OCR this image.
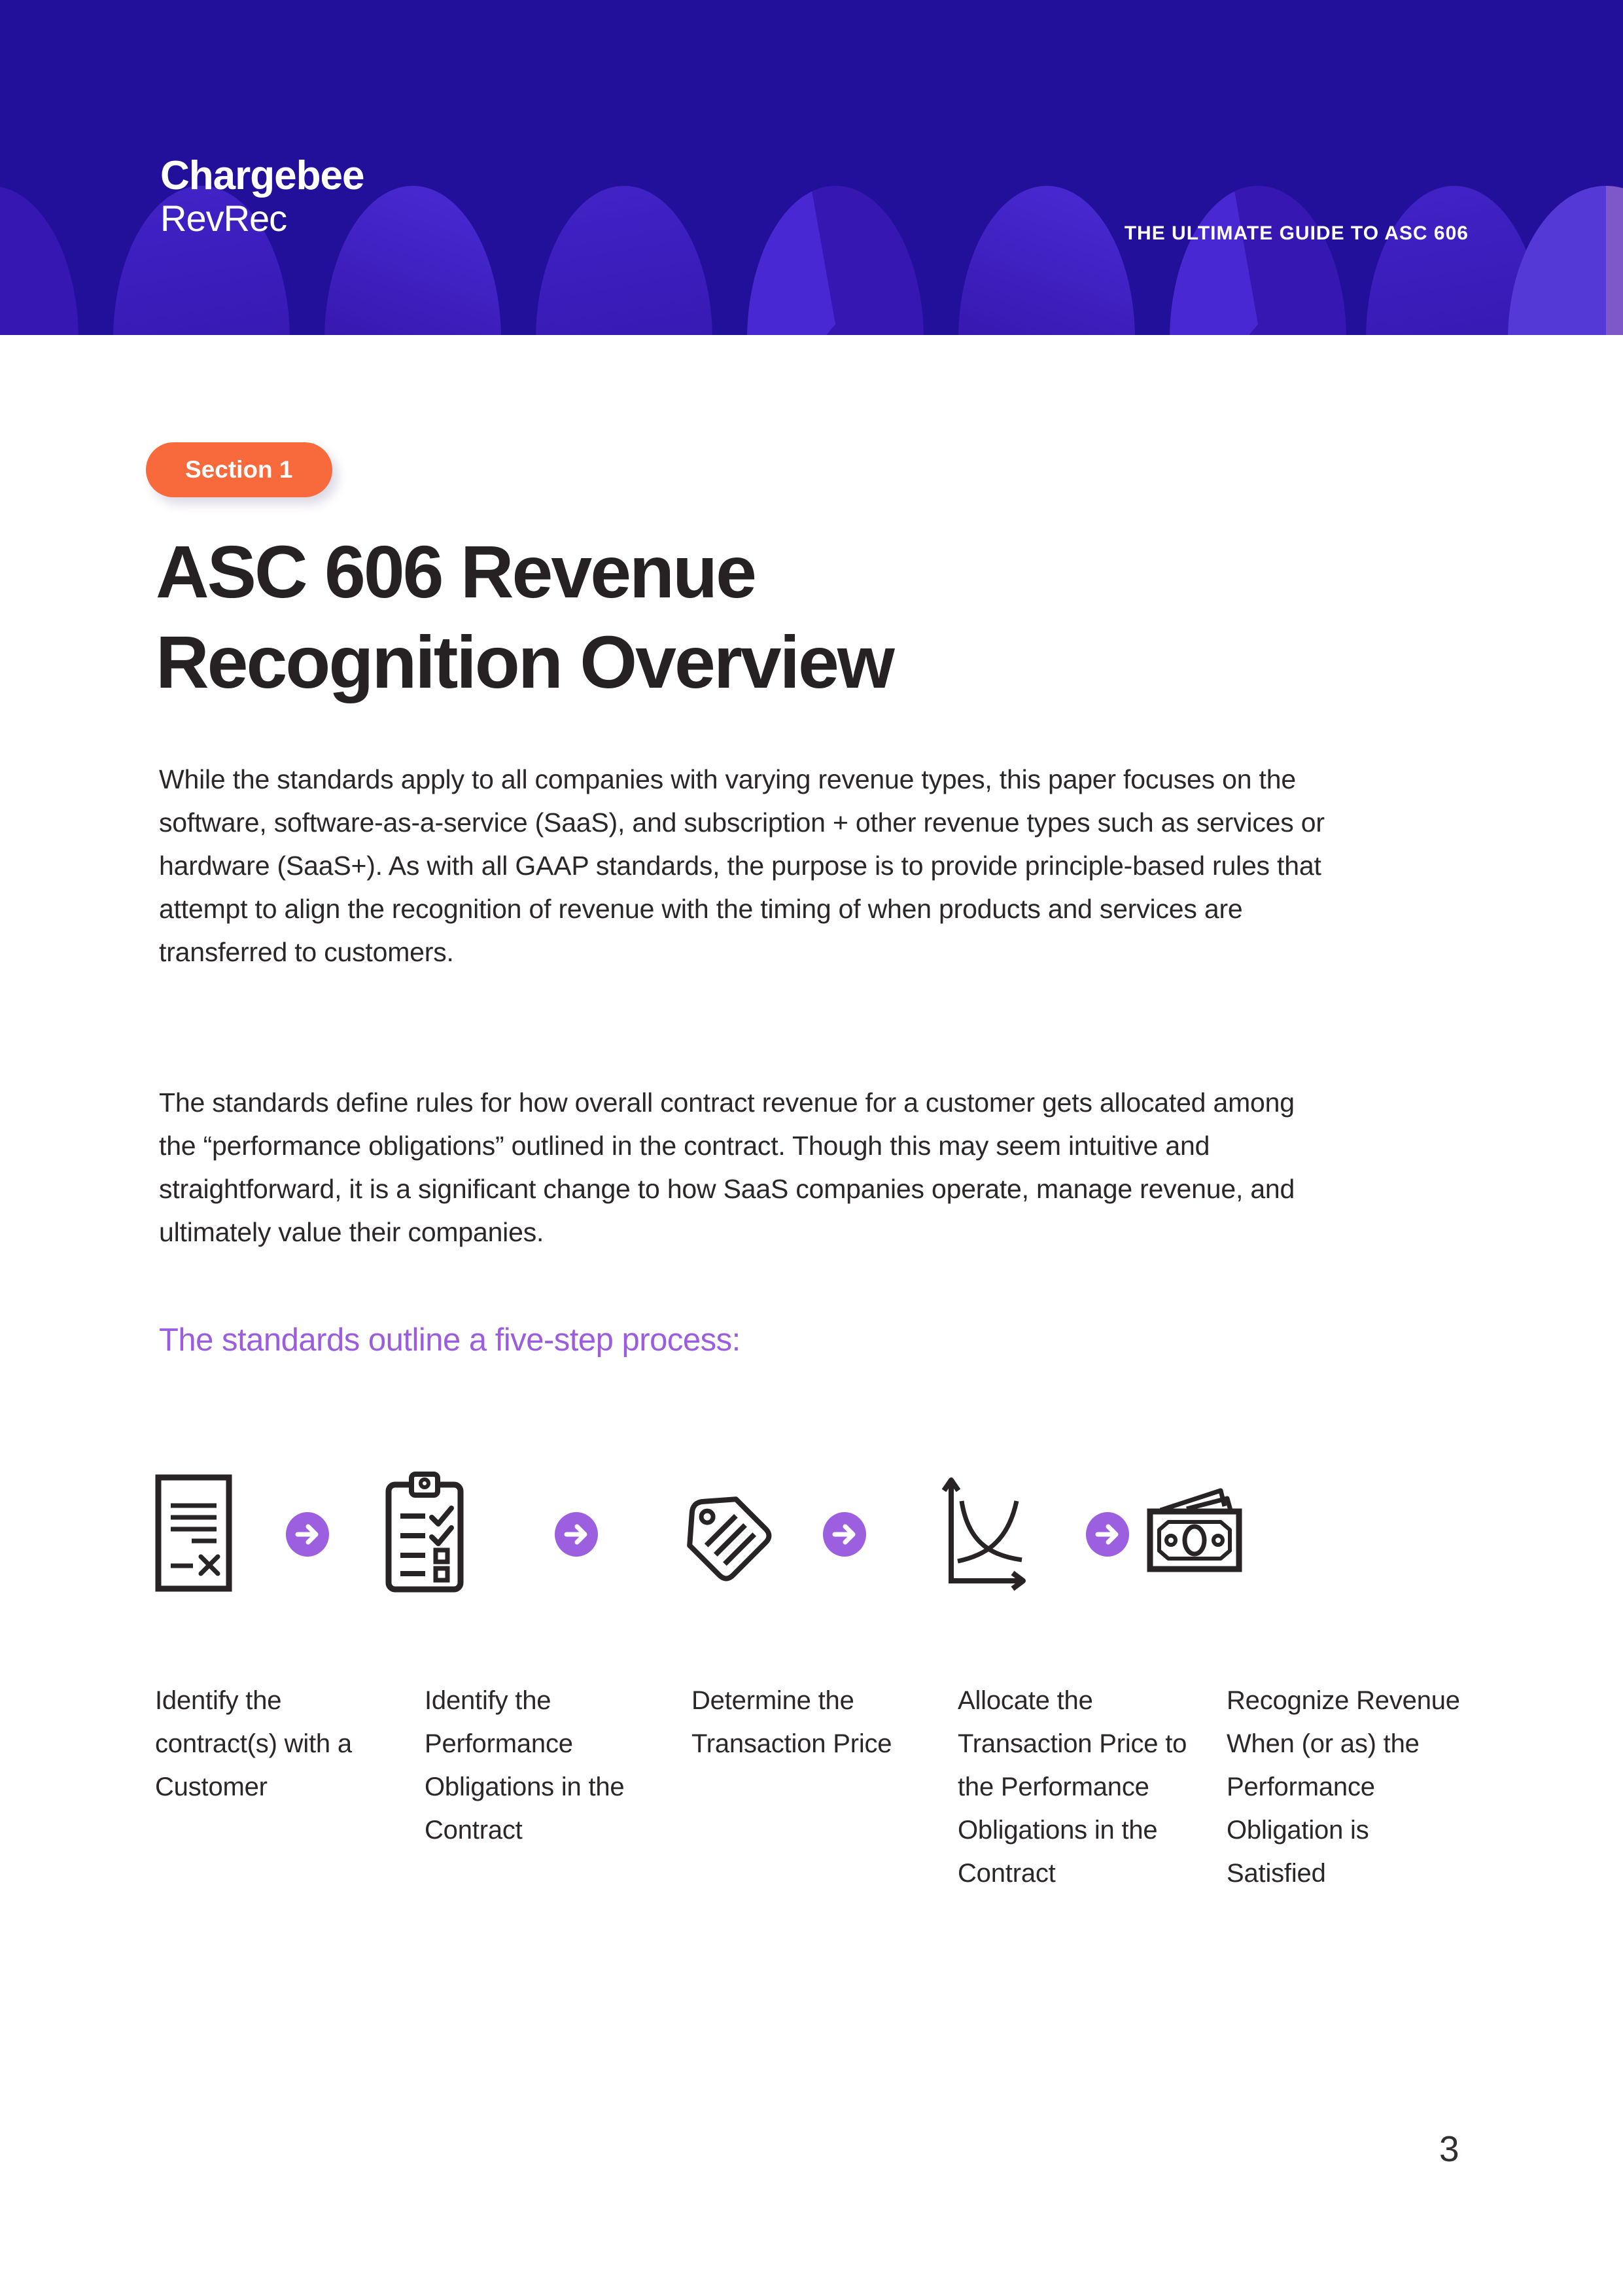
Chargebee
RevRec	THE ULTIMATE GUIDE TO ASC 606
Section 1
ASC 606 Revenue
Recognition Overview

While the standards apply to all companies with varying revenue types, this paper focuses on the software, software-as-a-service (SaaS), and subscription + other revenue types such as services or hardware (SaaS+). As with all GAAP standards, the purpose is to provide principle-based rules that attempt to align the recognition of revenue with the timing of when products and services are transferred to customers.

The standards define rules for how overall contract revenue for a customer gets allocated among the “performance obligations” outlined in the contract. Though this may seem intuitive and straightforward, it is a significant change to how SaaS companies operate, manage revenue, and ultimately value their companies.

The standards outline a five-step process:
Identify the contract(s) with a Customer
Identify the Performance Obligations in the Contract
Determine the Transaction Price
Allocate the Transaction Price to the Performance Obligations in the Contract
Recognize Revenue When (or as) the Performance Obligation is Satisfied
3
